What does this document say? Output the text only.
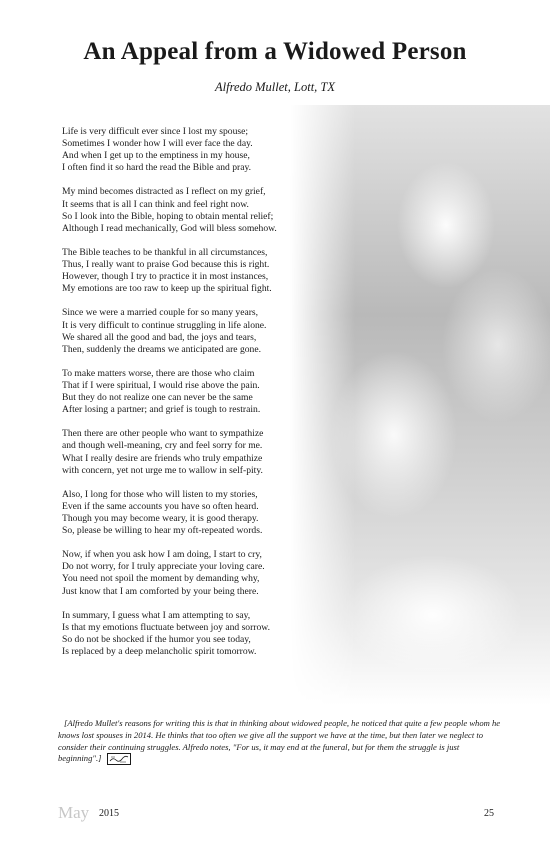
An Appeal from a Widowed Person
Alfredo Mullet, Lott, TX
Life is very difficult ever since I lost my spouse;
Sometimes I wonder how I will ever face the day.
And when I get up to the emptiness in my house,
I often find it so hard the read the Bible and pray.
My mind becomes distracted as I reflect on my grief,
It seems that is all I can think and feel right now.
So I look into the Bible, hoping to obtain mental relief;
Although I read mechanically, God will bless somehow.
The Bible teaches to be thankful in all circumstances,
Thus, I really want to praise God because this is right.
However, though I try to practice it in most instances,
My emotions are too raw to keep up the spiritual fight.
Since we were a married couple for so many years,
It is very difficult to continue struggling in life alone.
We shared all the good and bad, the joys and tears,
Then, suddenly the dreams we anticipated are gone.
To make matters worse, there are those who claim
That if I were spiritual, I would rise above the pain.
But they do not realize one can never be the same
After losing a partner; and grief is tough to restrain.
Then there are other people who want to sympathize
and though well-meaning, cry and feel sorry for me.
What I really desire are friends who truly empathize
with concern, yet not urge me to wallow in self-pity.
Also, I long for those who will listen to my stories,
Even if the same accounts you have so often heard.
Though you may become weary, it is good therapy.
So, please be willing to hear my oft-repeated words.
Now, if when you ask how I am doing, I start to cry,
Do not worry, for I truly appreciate your loving care.
You need not spoil the moment by demanding why,
Just know that I am comforted by your being there.
In summary, I guess what I am attempting to say,
Is that my emotions fluctuate between joy and sorrow.
So do not be shocked if the humor you see today,
Is replaced by a deep melancholic spirit tomorrow.
[Alfredo Mullet's reasons for writing this is that in thinking about widowed people, he noticed that quite a few people whom he knows lost spouses in 2014. He thinks that too often we give all the support we have at the time, but then later we neglect to consider their continuing struggles. Alfredo notes, "For us, it may end at the funeral, but for them the struggle is just beginning".]
May 2015	25
